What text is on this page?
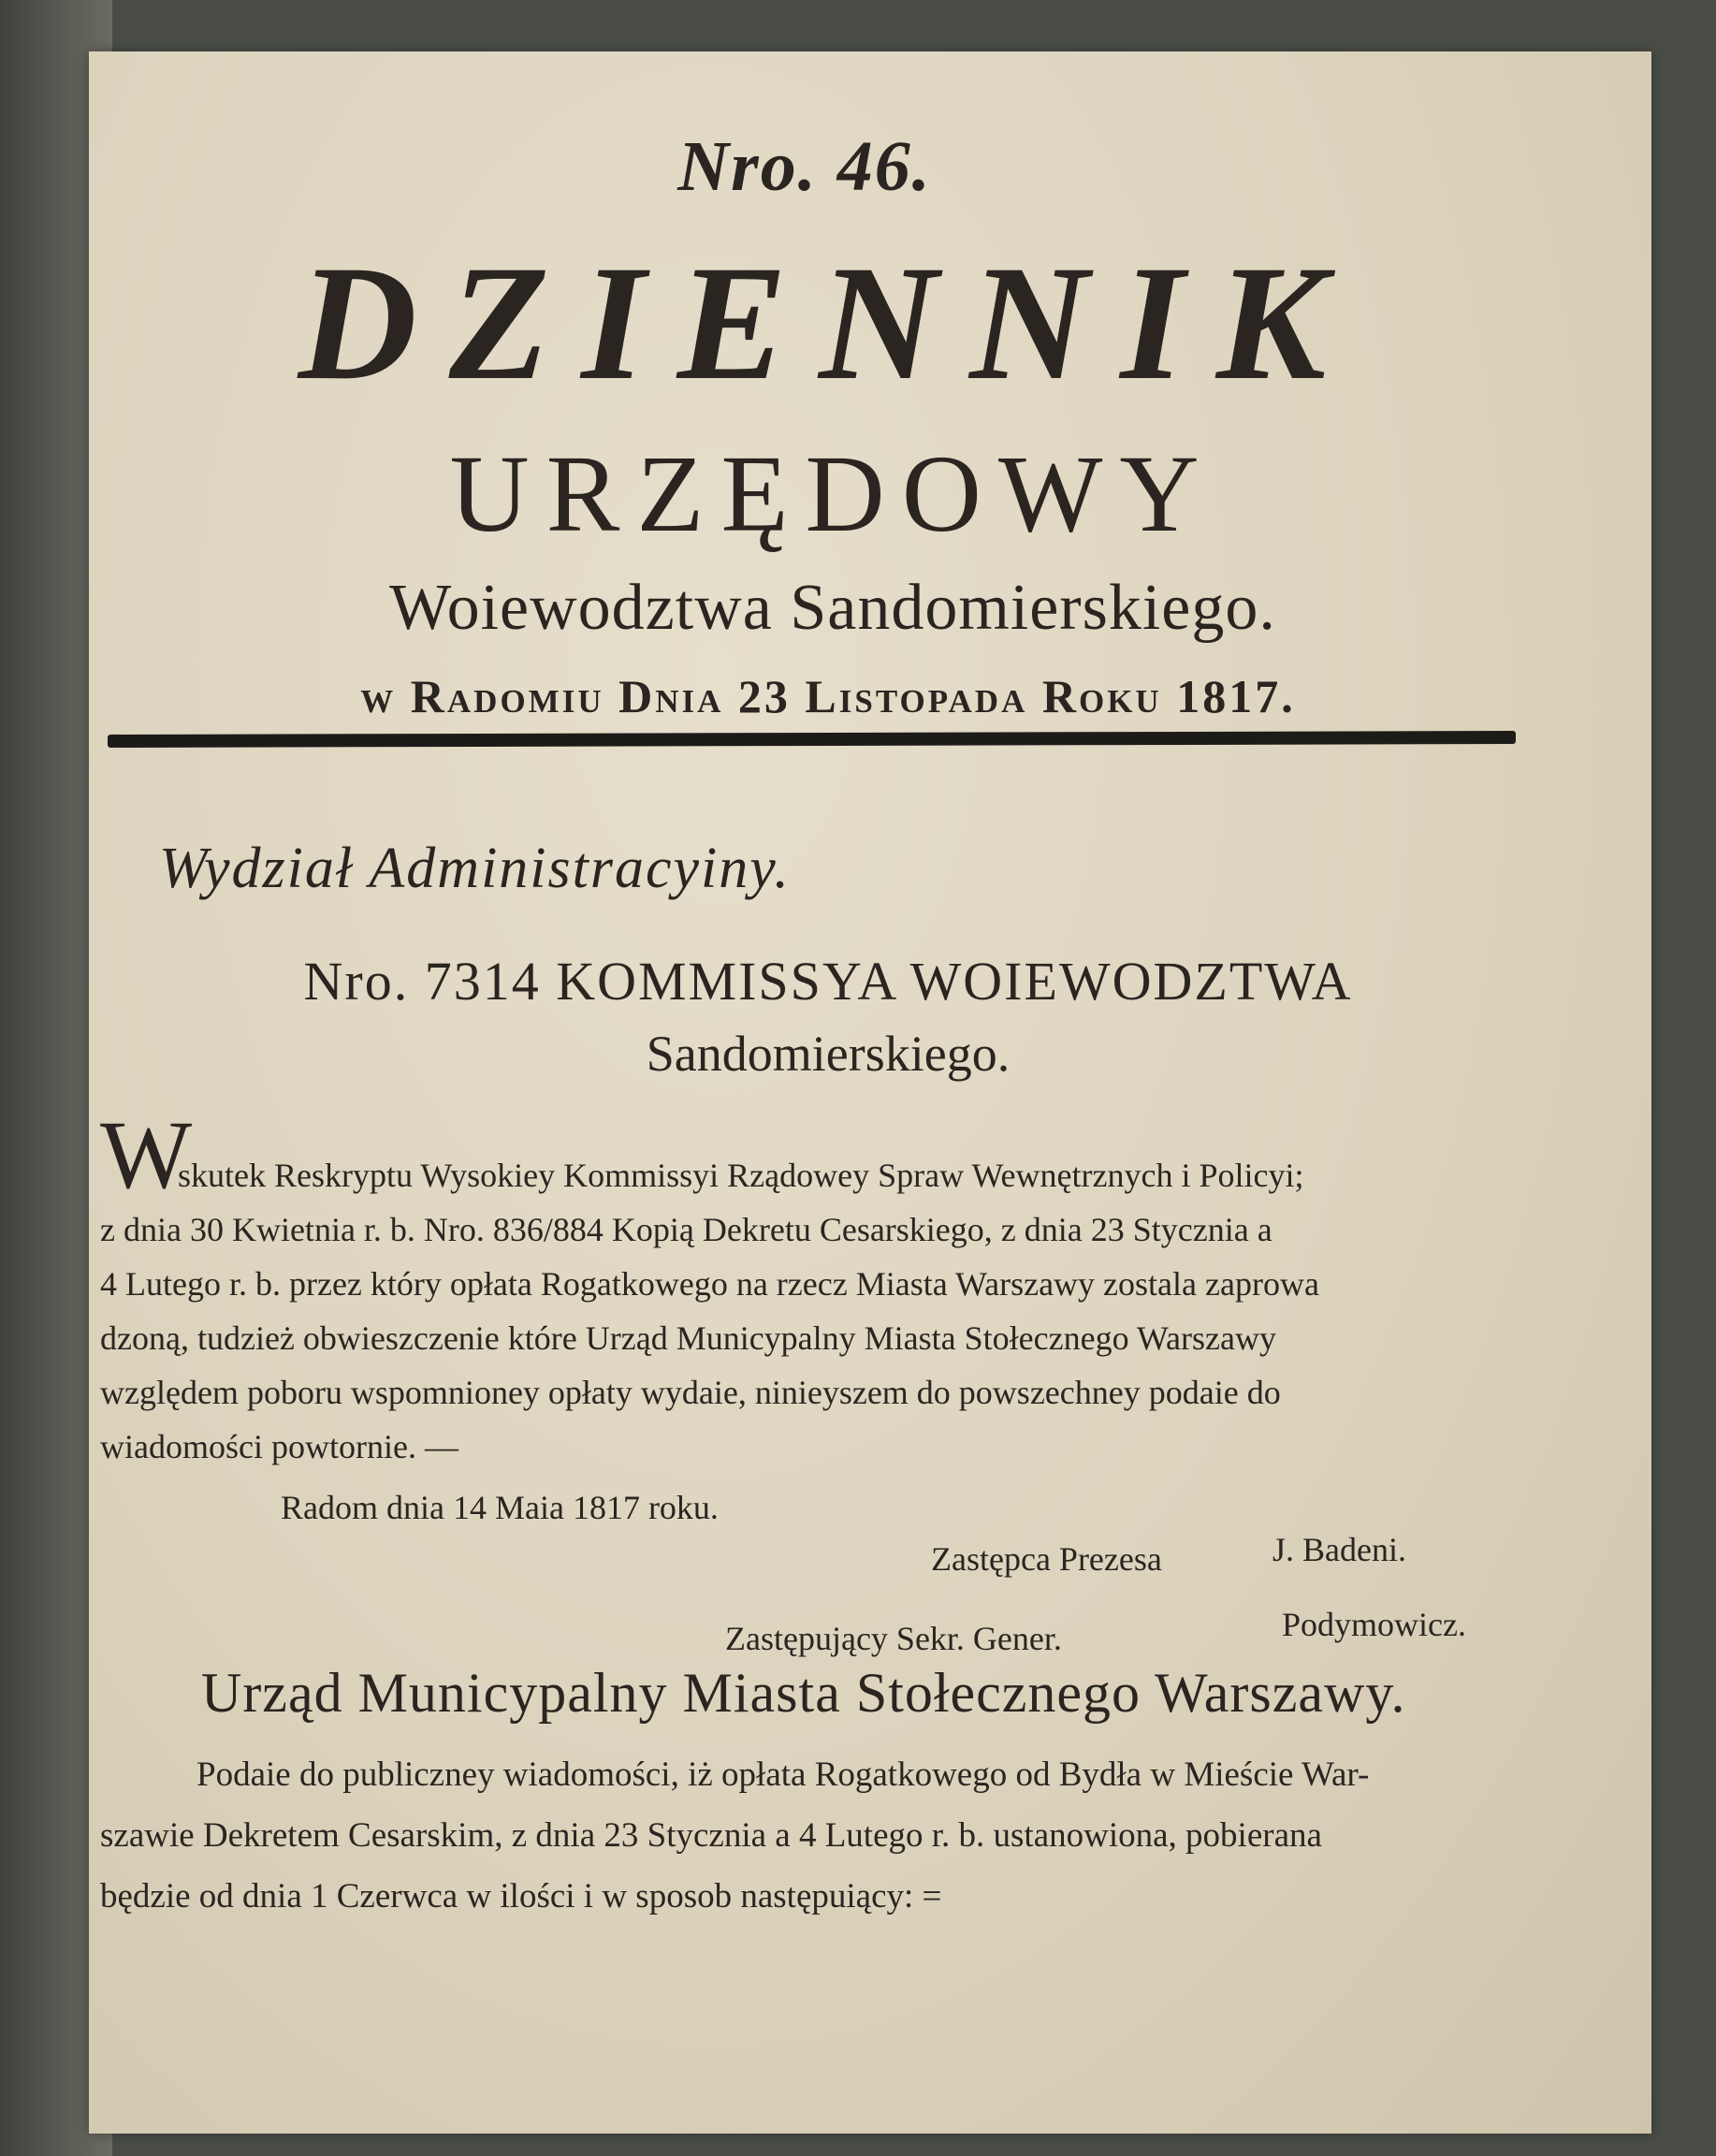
Nro. 46.
DZIENNIK
URZĘDOWY
Woiewodztwa Sandomierskiego.
w Radomiu Dnia 23 Listopada Roku 1817.
Wydział Administracyiny.
Nro. 7314 KOMMISSYA WOIEWODZTWA
Sandomierskiego.
W
skutek Reskryptu Wysokiey Kommissyi Rządowey Spraw Wewnętrznych i Policyi;
z dnia 30 Kwietnia r. b. Nro. 836/884 Kopią Dekretu Cesarskiego, z dnia 23 Stycznia a
4 Lutego r. b. przez który opłata Rogatkowego na rzecz Miasta Warszawy zostala zaprowa
dzoną, tudzież obwieszczenie które Urząd Municypalny Miasta Stołecznego Warszawy
względem poboru wspomnioney opłaty wydaie, ninieyszem do powszechney podaie do
wiadomości powtornie. —
Radom dnia 14 Maia 1817 roku.
Zastępca Prezesa	J. Badeni.
Zastępujący Sekr. Gener.	Podymowicz.
Urząd Municypalny Miasta Stołecznego Warszawy.
Podaie do publiczney wiadomości, iż opłata Rogatkowego od Bydła w Mieście War-
szawie Dekretem Cesarskim, z dnia 23 Stycznia a 4 Lutego r. b. ustanowiona, pobierana
będzie od dnia 1 Czerwca w ilości i w sposob następuiący: =
